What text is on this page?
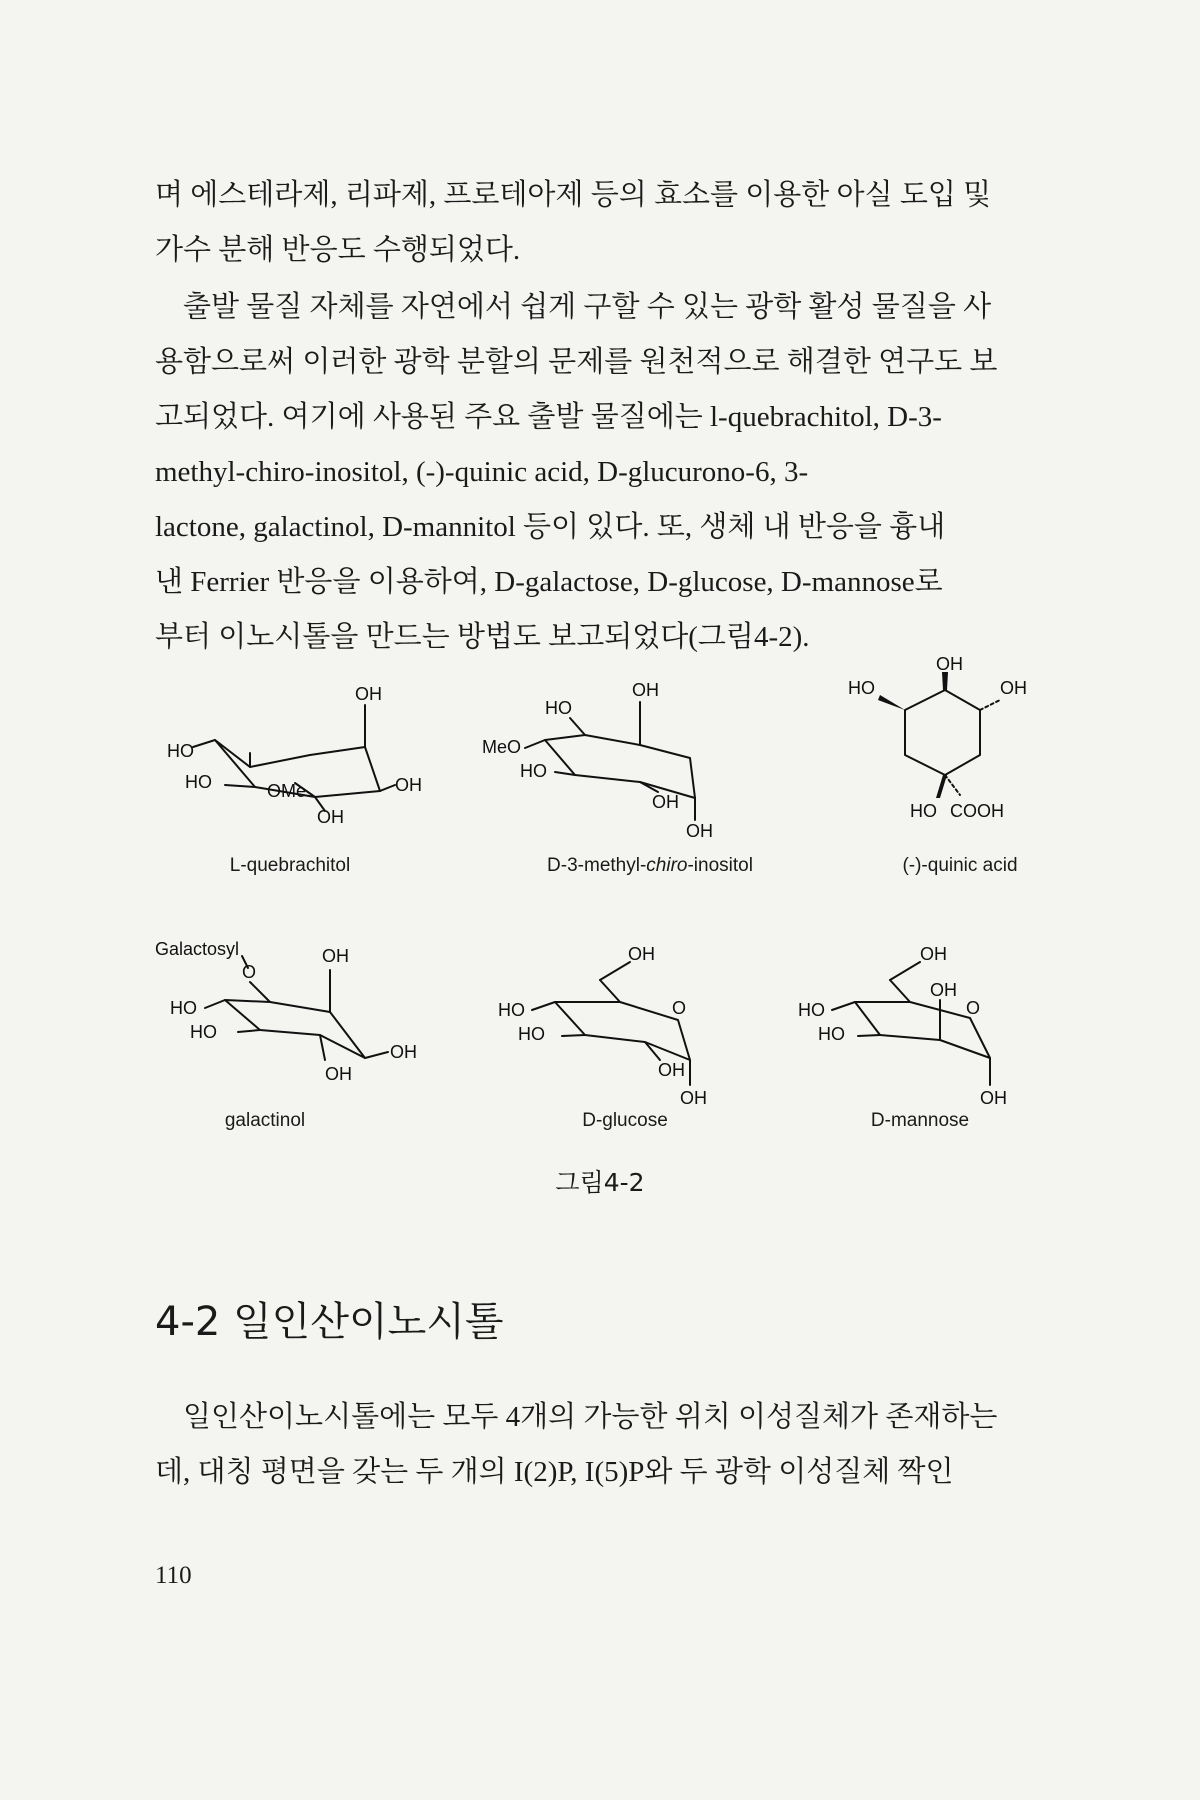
며 에스테라제, 리파제, 프로테아제 등의 효소를 이용한 아실 도입 및
가수 분해 반응도 수행되었다.

출발 물질 자체를 자연에서 쉽게 구할 수 있는 광학 활성 물질을 사
용함으로써 이러한 광학 분할의 문제를 원천적으로 해결한 연구도 보
고되었다. 여기에 사용된 주요 출발 물질에는 l-quebrachitol, D-3-
methyl-chiro-inositol, (-)-quinic acid, D-glucurono-6, 3-
lactone, galactinol, D-mannitol 등이 있다. 또, 생체 내 반응을 흉내
낸 Ferrier 반응을 이용하여, D-galactose, D-glucose, D-mannose로
부터 이노시톨을 만드는 방법도 보고되었다(그림4-2).

OH
HO
HO	OMe
OH
OH
L-quebrachitol
OH
HO
MeO
HO
OH
OH
D-3-methyl-chiro-inositol
OH
HO	OH
HO COOH
(-)-quinic acid
Galactosyl
O
OH
HO
HO
OH
OH
galactinol
OH
O
HO
HO
OH
OH
D-glucose
OH
OH
O
HO
HO
OH
D-mannose
그림4-2
4-2 일인산이노시톨

일인산이노시톨에는 모두 4개의 가능한 위치 이성질체가 존재하는
데, 대칭 평면을 갖는 두 개의 I(2)P, I(5)P와 두 광학 이성질체 짝인

110
